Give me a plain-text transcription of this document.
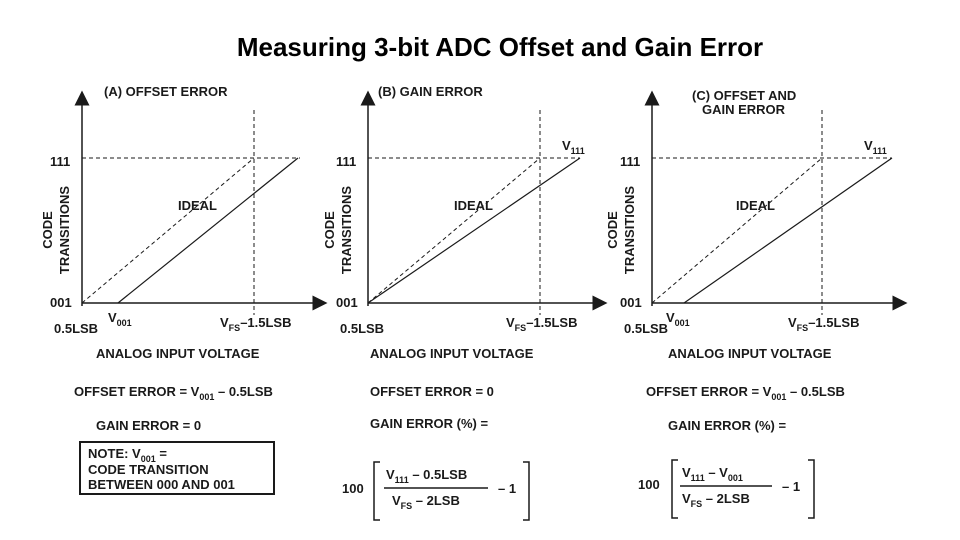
Measuring 3-bit ADC Offset and Gain Error
(A) OFFSET ERROR
111
001
CODE TRANSITIONS	IDEAL
0.5LSB
$V_{001}$	$V_{FS}-1.5LSB$
ANALOG INPUT VOLTAGE
OFFSET ERROR = $V_{001} - 0.5LSB$
GAIN ERROR = 0
NOTE: $V_{001}$ =
CODE TRANSITION
BETWEEN 000 AND 001
(B) GAIN ERROR
111
001
CODE TRANSITIONS	IDEAL
$V_{111}$
0.5LSB	$V_{FS}-1.5LSB$
ANALOG INPUT VOLTAGE
OFFSET ERROR = 0
GAIN ERROR (%) =
100
$V_{111} - 0.5LSB$
$V_{FS} - 2LSB$
– 1
(C) OFFSET AND
GAIN ERROR
111
001
CODE TRANSITIONS	IDEAL
$V_{111}$
0.5LSB
$V_{001}$	$V_{FS}-1.5LSB$
ANALOG INPUT VOLTAGE
OFFSET ERROR = $V_{001} - 0.5LSB$
GAIN ERROR (%) =
100
$V_{111} - V_{001}$
$V_{FS} - 2LSB$
– 1
